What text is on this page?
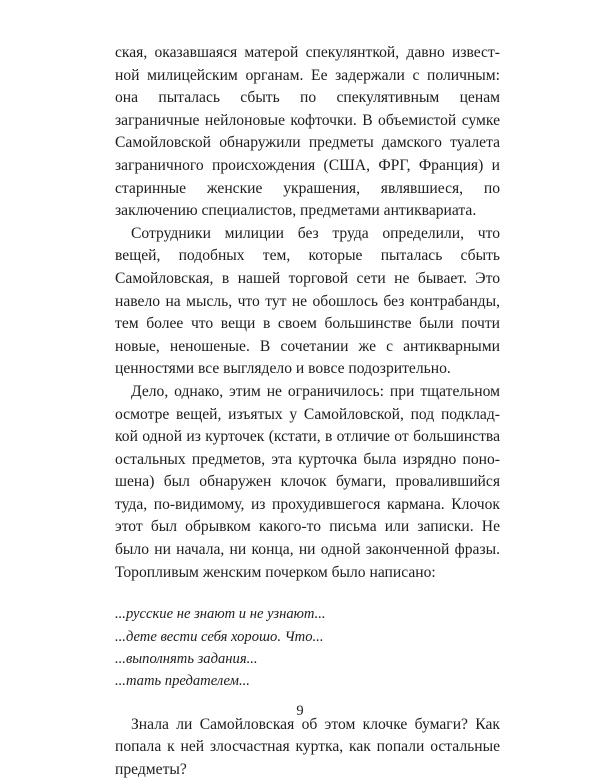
ская, оказавшаяся матерой спекулянткой, давно известной милицейским органам. Ее задержали с поличным: она пыталась сбыть по спекулятивным ценам заграничные нейлоновые кофточки. В объемистой сумке Самойловской обнаружили предметы дамского туалета заграничного происхождения (США, ФРГ, Франция) и старинные женские украшения, являвшиеся, по заключению специалистов, предметами антиквариата.

Сотрудники милиции без труда определили, что вещей, подобных тем, которые пыталась сбыть Самойловская, в нашей торговой сети не бывает. Это навело на мысль, что тут не обошлось без контрабанды, тем более что вещи в своем большинстве были почти новые, неношеные. В сочетании же с антикварными ценностями все выглядело и вовсе подозрительно.

Дело, однако, этим не ограничилось: при тщательном осмотре вещей, изъятых у Самойловской, под подкладкой одной из курточек (кстати, в отличие от большинства остальных предметов, эта курточка была изрядно поношена) был обнаружен клочок бумаги, провалившийся туда, по-видимому, из прохудившегося кармана. Клочок этот был обрывком какого-то письма или записки. Не было ни начала, ни конца, ни одной законченной фразы. Торопливым женским почерком было написано:

...русские не знают и не узнают...
...дете вести себя хорошо. Что...
...выполнять задания...
...тать предателем...

Знала ли Самойловская об этом клочке бумаги? Как попала к ней злосчастная куртка, как попали остальные предметы?

9
